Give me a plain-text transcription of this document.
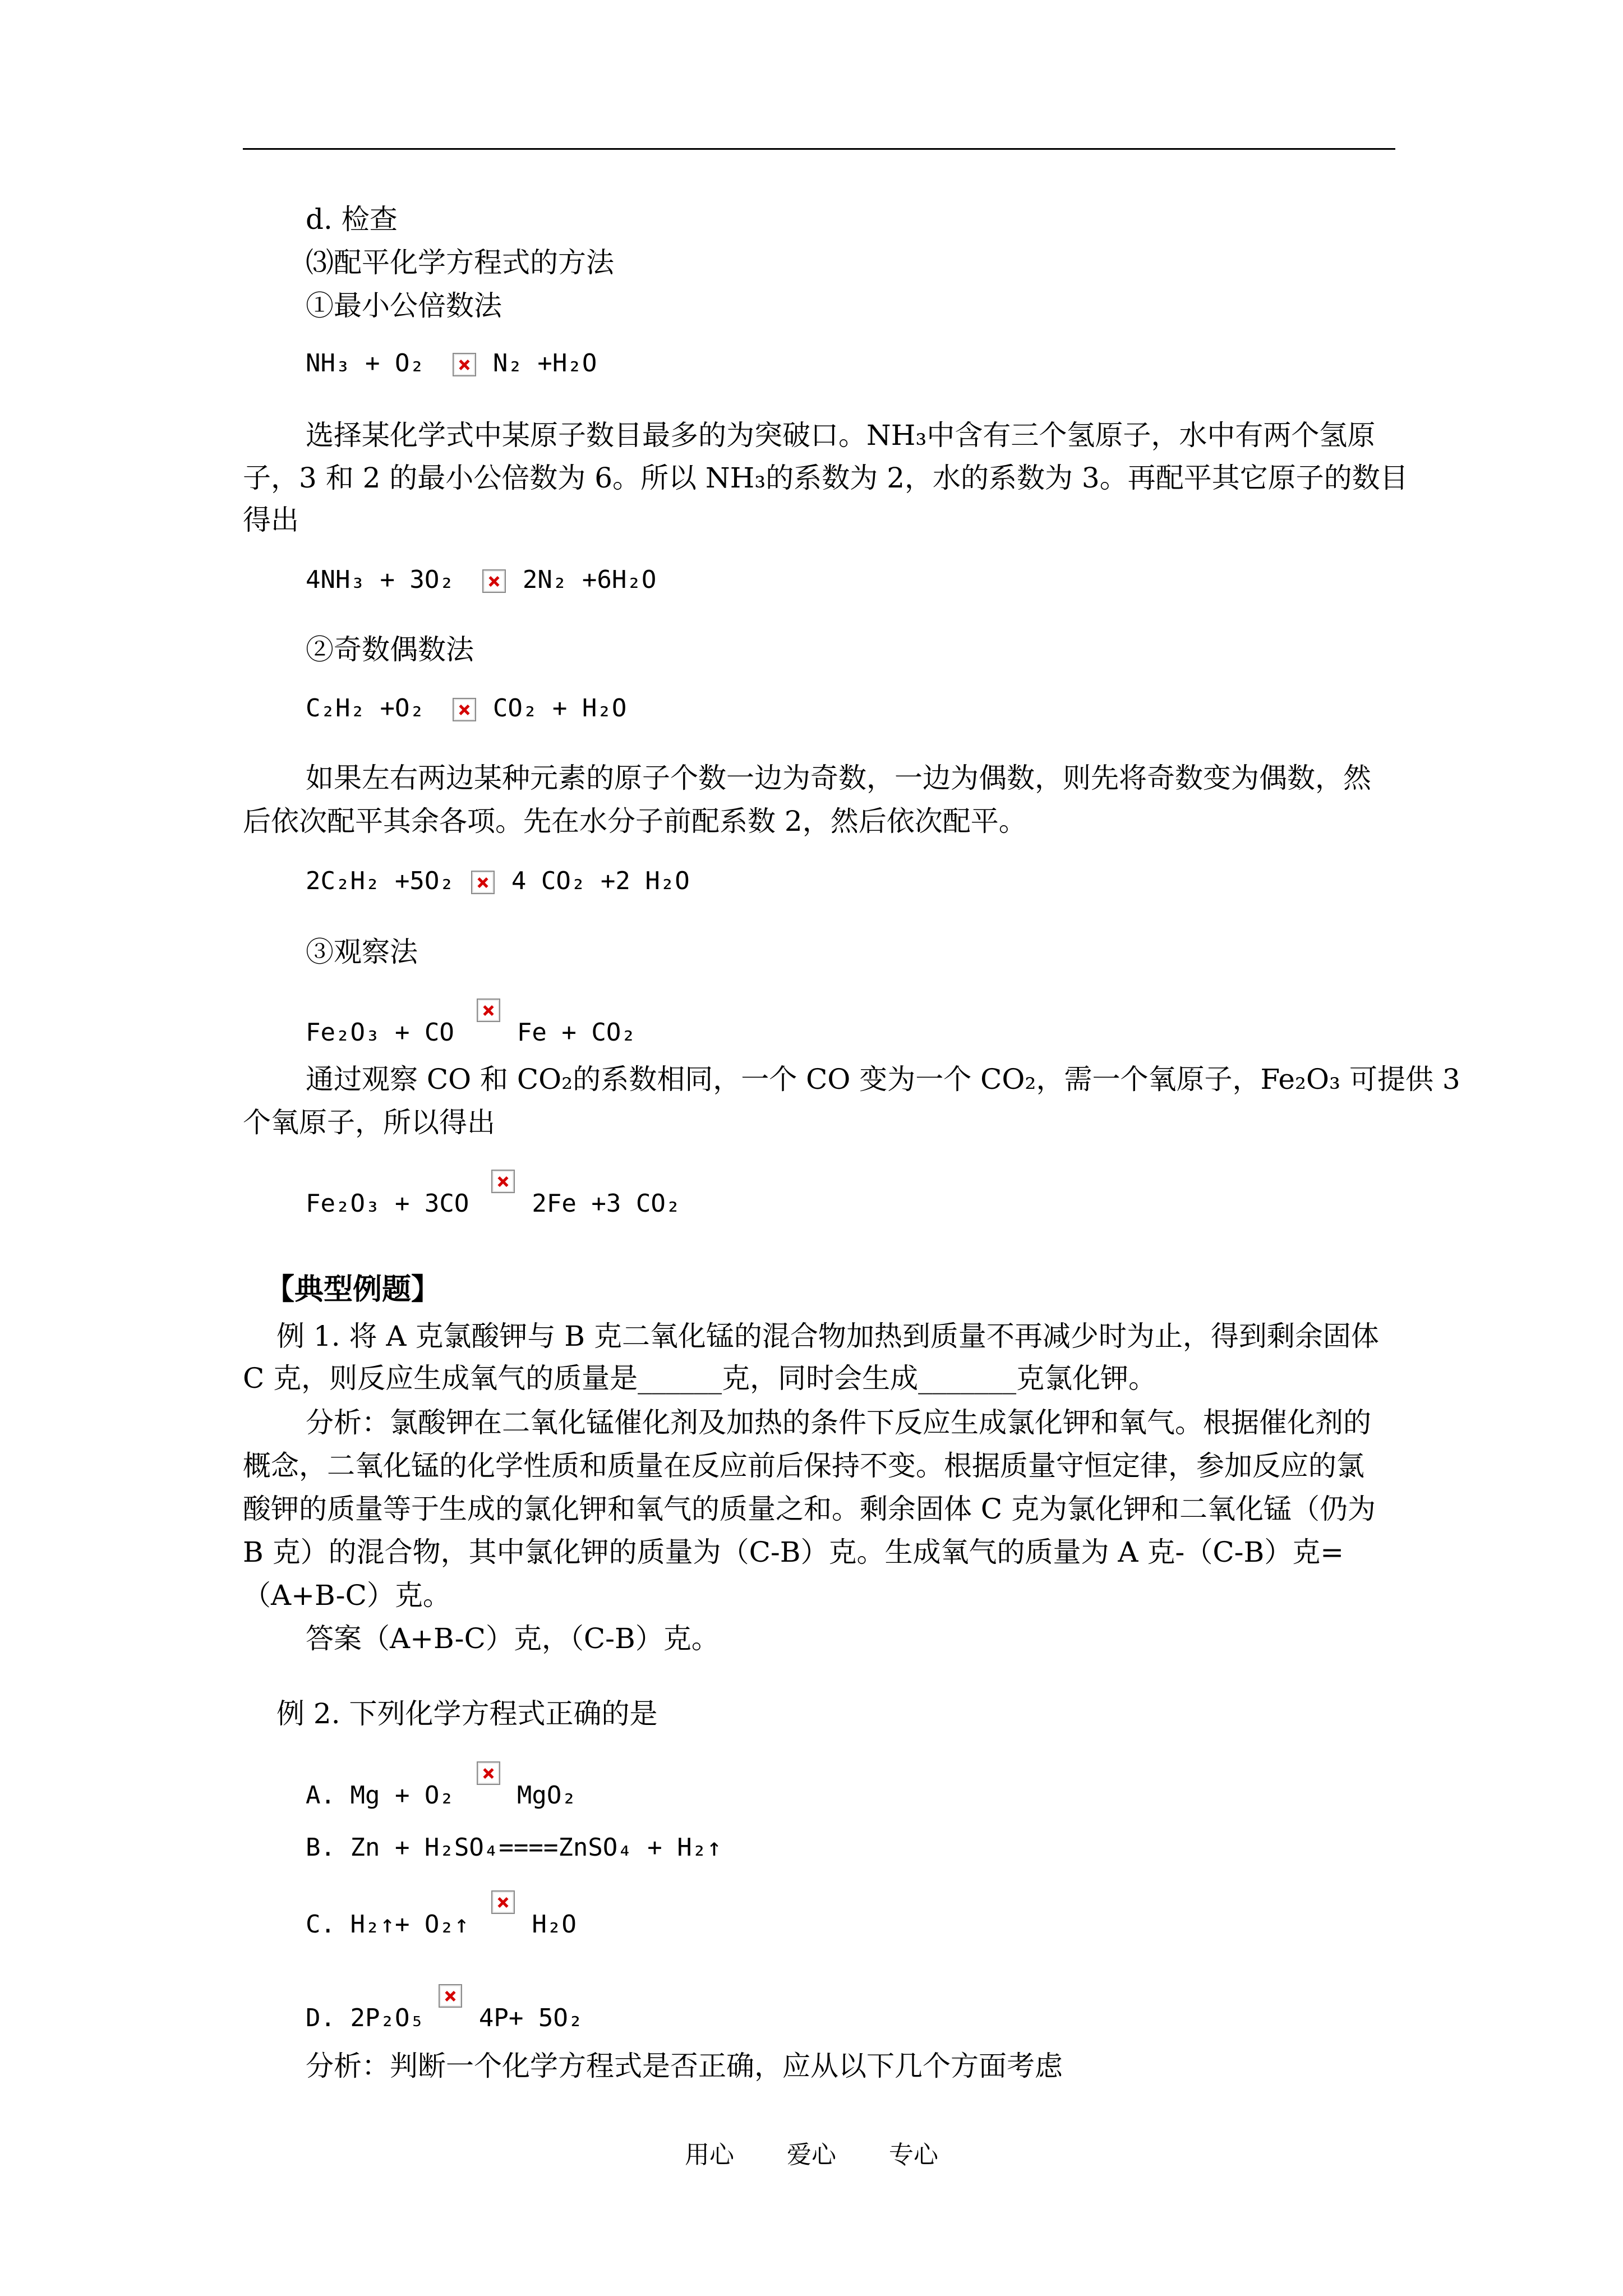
d. 检查
⑶配平化学方程式的方法
①最小公倍数法
NH₃ + O₂	N₂ +H₂O
选择某化学式中某原子数目最多的为突破口。NH₃中含有三个氢原子，水中有两个氢原
子，3 和 2 的最小公倍数为 6。所以 NH₃的系数为 2，水的系数为 3。再配平其它原子的数目
得出
4NH₃ + 3O₂	2N₂ +6H₂O
②奇数偶数法
C₂H₂ +O₂	CO₂ + H₂O
如果左右两边某种元素的原子个数一边为奇数，一边为偶数，则先将奇数变为偶数，然
后依次配平其余各项。先在水分子前配系数 2，然后依次配平。
2C₂H₂ +5O₂ 4 CO₂ +2 H₂O
③观察法
Fe₂O₃ + CO	Fe + CO₂
通过观察 CO 和 CO₂的系数相同，一个 CO 变为一个 CO₂，需一个氧原子，Fe₂O₃ 可提供 3
个氧原子，所以得出
Fe₂O₃ + 3CO	2Fe +3 CO₂
【典型例题】
例 1. 将 A 克氯酸钾与 B 克二氧化锰的混合物加热到质量不再减少时为止，得到剩余固体
C 克，则反应生成氧气的质量是______克，同时会生成_______克氯化钾。
分析：氯酸钾在二氧化锰催化剂及加热的条件下反应生成氯化钾和氧气。根据催化剂的
概念，二氧化锰的化学性质和质量在反应前后保持不变。根据质量守恒定律，参加反应的氯
酸钾的质量等于生成的氯化钾和氧气的质量之和。剩余固体 C 克为氯化钾和二氧化锰（仍为
B 克）的混合物，其中氯化钾的质量为（C-B）克。生成氧气的质量为 A 克-（C-B）克=
（A+B-C）克。
答案（A+B-C）克，（C-B）克。
例 2. 下列化学方程式正确的是
A. Mg + O₂	MgO₂
B. Zn + H₂SO₄====ZnSO₄ + H₂↑
C. H₂↑+ O₂↑	H₂O
D. 2P₂O₅ 4P+ 5O₂
分析：判断一个化学方程式是否正确，应从以下几个方面考虑
用心 爱心 专心
